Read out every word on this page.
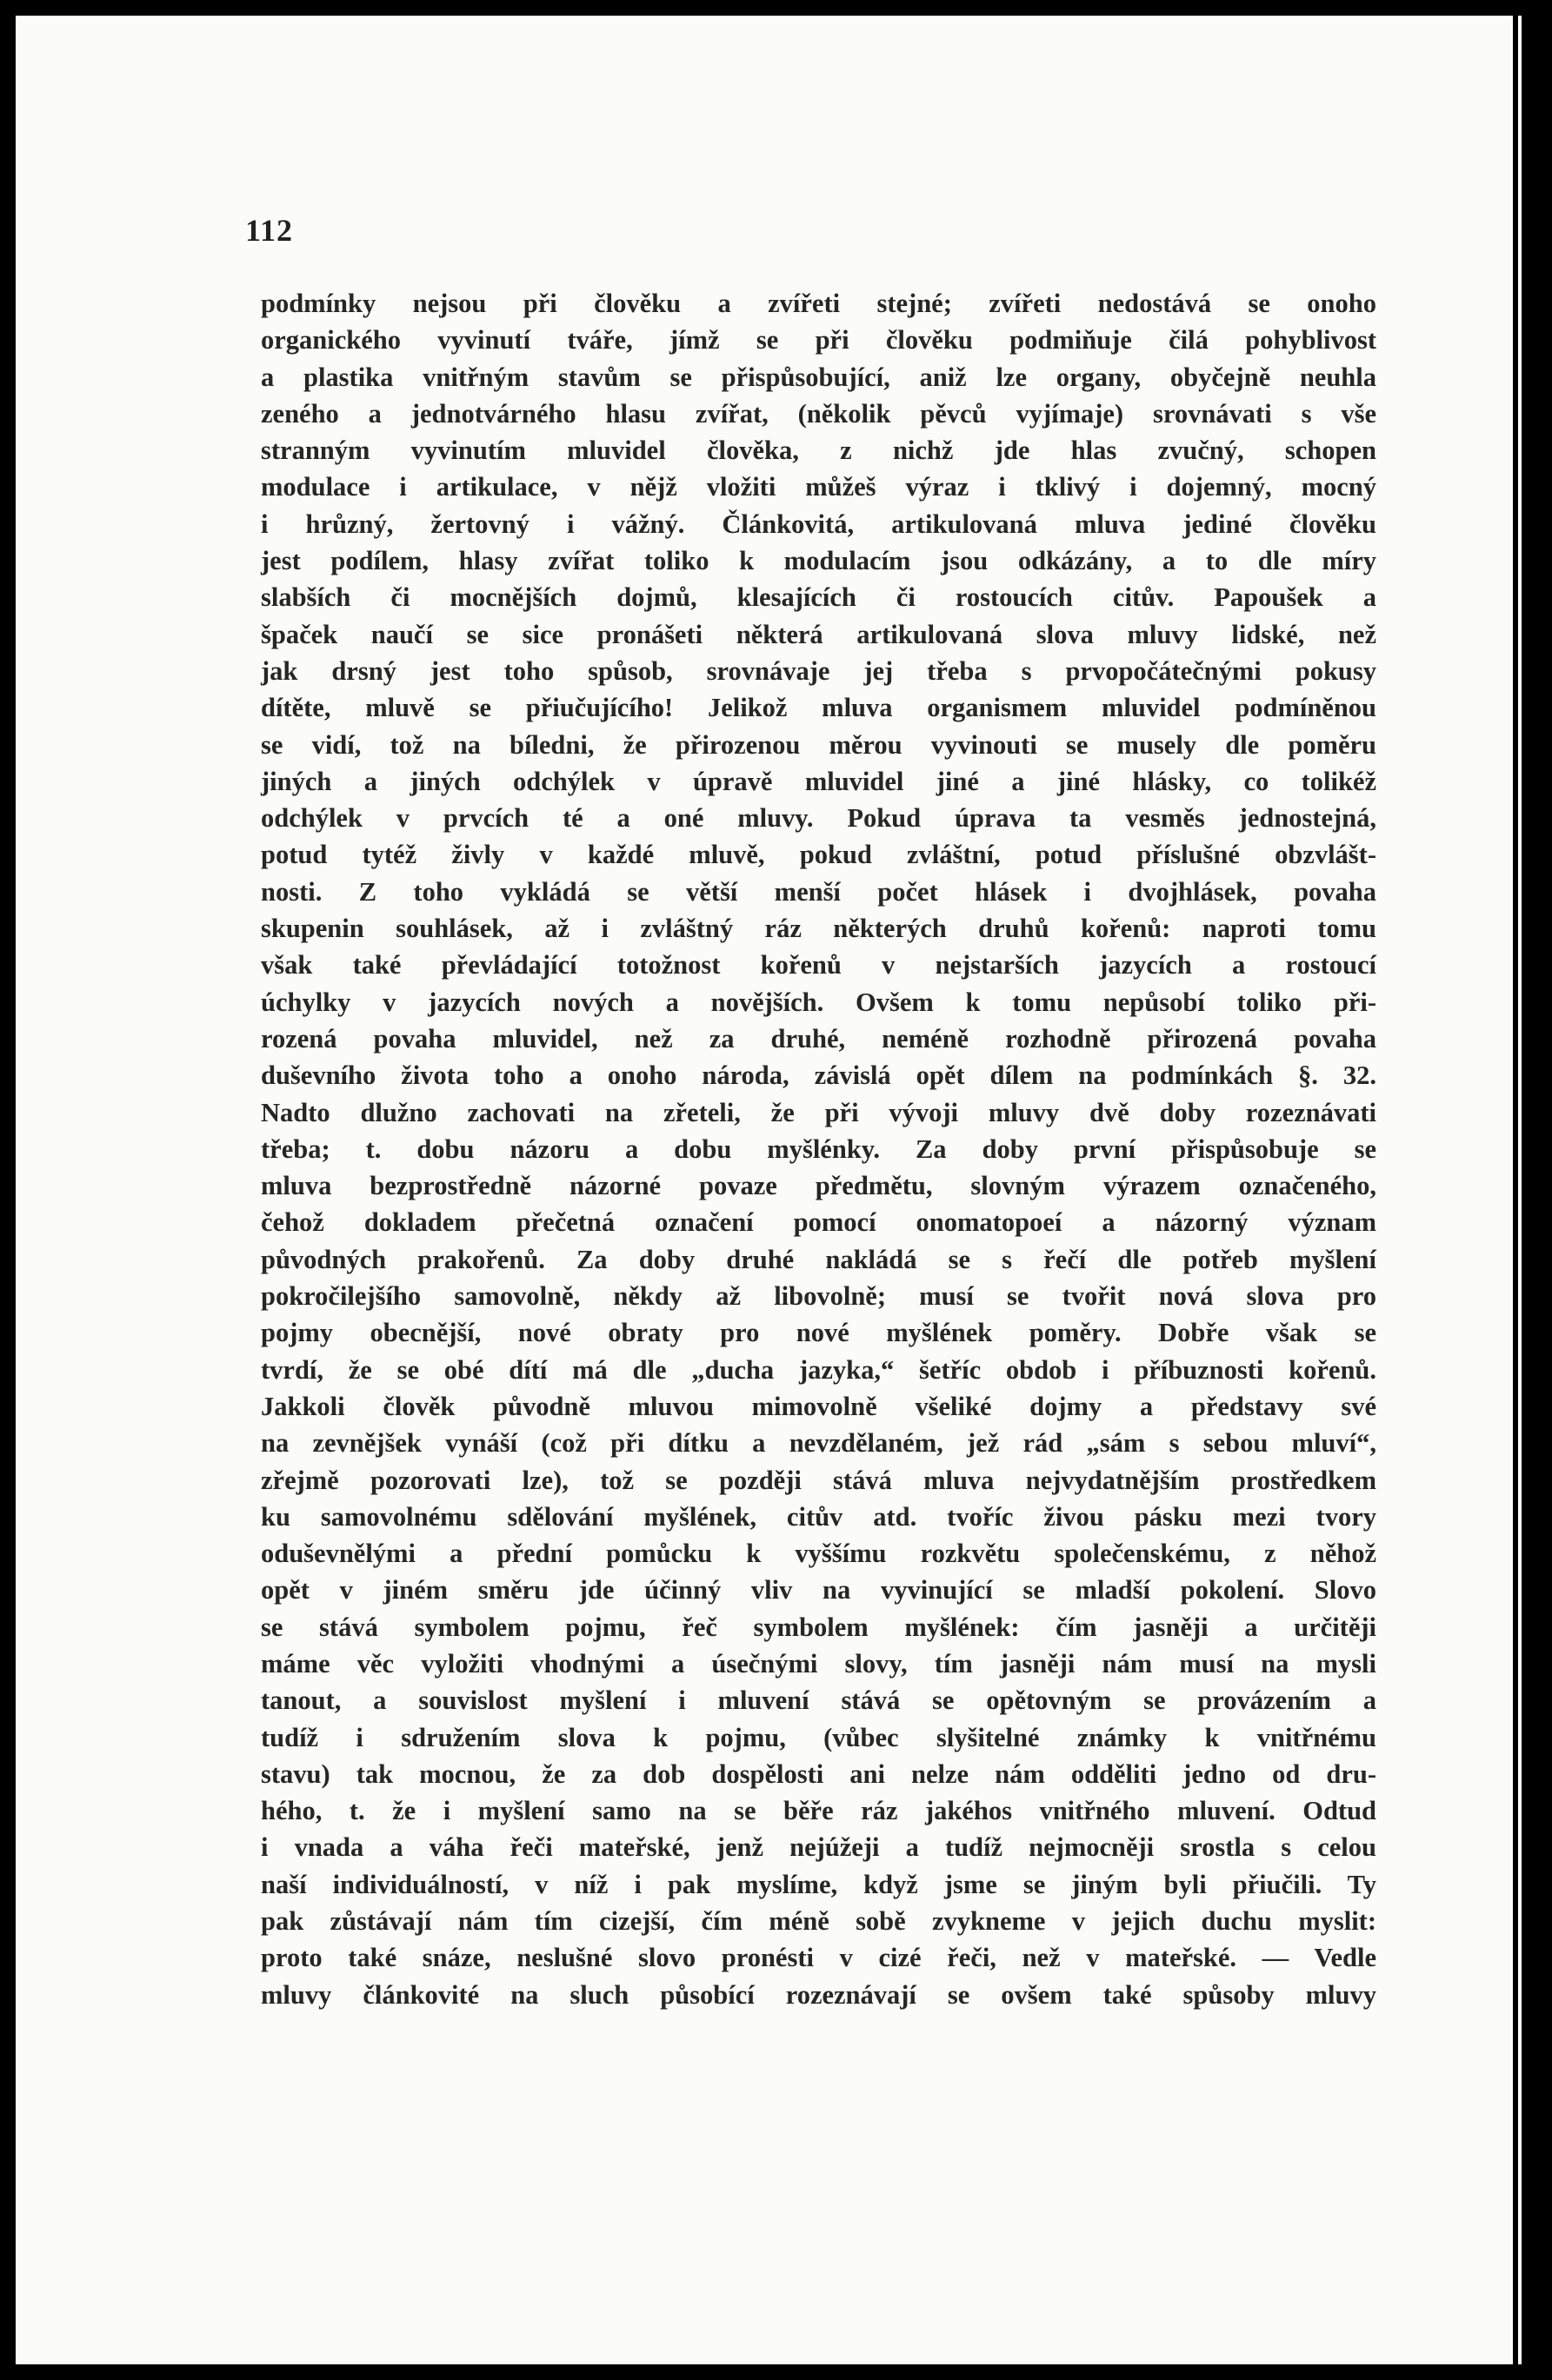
112
podmínky nejsou při člověku a zvířeti stejné; zvířeti nedostává se onoho
organického vyvinutí tváře, jímž se při člověku podmiňuje čilá pohyblivost
a plastika vnitřným stavům se přispůsobující, aniž lze organy, obyčejně neuhla
zeného a jednotvárného hlasu zvířat, (několik pěvců vyjímaje) srovnávati s vše
stranným vyvinutím mluvidel člověka, z nichž jde hlas zvučný, schopen
modulace i artikulace, v nějž vložiti můžeš výraz i tklivý i dojemný, mocný
i hrůzný, žertovný i vážný. Článkovitá, artikulovaná mluva jediné člověku
jest podílem, hlasy zvířat toliko k modulacím jsou odkázány, a to dle míry
slabších či mocnějších dojmů, klesajících či rostoucích citův. Papoušek a
špaček naučí se sice pronášeti některá artikulovaná slova mluvy lidské, než
jak drsný jest toho spůsob, srovnávaje jej třeba s prvopočátečnými pokusy
dítěte, mluvě se přiučujícího! Jelikož mluva organismem mluvidel podmíněnou
se vidí, tož na bíledni, že přirozenou měrou vyvinouti se musely dle poměru
jiných a jiných odchýlek v úpravě mluvidel jiné a jiné hlásky, co tolikéž
odchýlek v prvcích té a oné mluvy. Pokud úprava ta vesměs jednostejná,
potud tytéž živly v každé mluvě, pokud zvláštní, potud příslušné obzvlášt-
nosti. Z toho vykládá se větší menší počet hlásek i dvojhlásek, povaha
skupenin souhlásek, až i zvláštný ráz některých druhů kořenů: naproti tomu
však také převládající totožnost kořenů v nejstarších jazycích a rostoucí
úchylky v jazycích nových a novějších. Ovšem k tomu nepůsobí toliko při-
rozená povaha mluvidel, než za druhé, neméně rozhodně přirozená povaha
duševního života toho a onoho národa, závislá opět dílem na podmínkách §. 32.
Nadto dlužno zachovati na zřeteli, že při vývoji mluvy dvě doby rozeznávati
třeba; t. dobu názoru a dobu myšlénky. Za doby první přispůsobuje se
mluva bezprostředně názorné povaze předmětu, slovným výrazem označeného,
čehož dokladem přečetná označení pomocí onomatopoeí a názorný význam
původných prakořenů. Za doby druhé nakládá se s řečí dle potřeb myšlení
pokročilejšího samovolně, někdy až libovolně; musí se tvořit nová slova pro
pojmy obecnější, nové obraty pro nové myšlének poměry. Dobře však se
tvrdí, že se obé dítí má dle „ducha jazyka,“ šetříc obdob i příbuznosti kořenů.
Jakkoli člověk původně mluvou mimovolně všeliké dojmy a představy své
na zevnějšek vynáší (což při dítku a nevzdělaném, jež rád „sám s sebou mluví“,
zřejmě pozorovati lze), tož se později stává mluva nejvydatnějším prostředkem
ku samovolnému sdělování myšlének, citův atd. tvoříc živou pásku mezi tvory
oduševnělými a přední pomůcku k vyššímu rozkvětu společenskému, z něhož
opět v jiném směru jde účinný vliv na vyvinující se mladší pokolení. Slovo
se stává symbolem pojmu, řeč symbolem myšlének: čím jasněji a určitěji
máme věc vyložiti vhodnými a úsečnými slovy, tím jasněji nám musí na mysli
tanout, a souvislost myšlení i mluvení stává se opětovným se provázením a
tudíž i sdružením slova k pojmu, (vůbec slyšitelné známky k vnitřnému
stavu) tak mocnou, že za dob dospělosti ani nelze nám odděliti jedno od dru-
hého, t. že i myšlení samo na se běře ráz jakéhos vnitřného mluvení. Odtud
i vnada a váha řeči mateřské, jenž nejúžeji a tudíž nejmocněji srostla s celou
naší individuálností, v níž i pak myslíme, když jsme se jiným byli přiučili. Ty
pak zůstávají nám tím cizejší, čím méně sobě zvykneme v jejich duchu myslit:
proto také snáze, neslušné slovo pronésti v cizé řeči, než v mateřské. — Vedle
mluvy článkovité na sluch působící rozeznávají se ovšem také spůsoby mluvy
